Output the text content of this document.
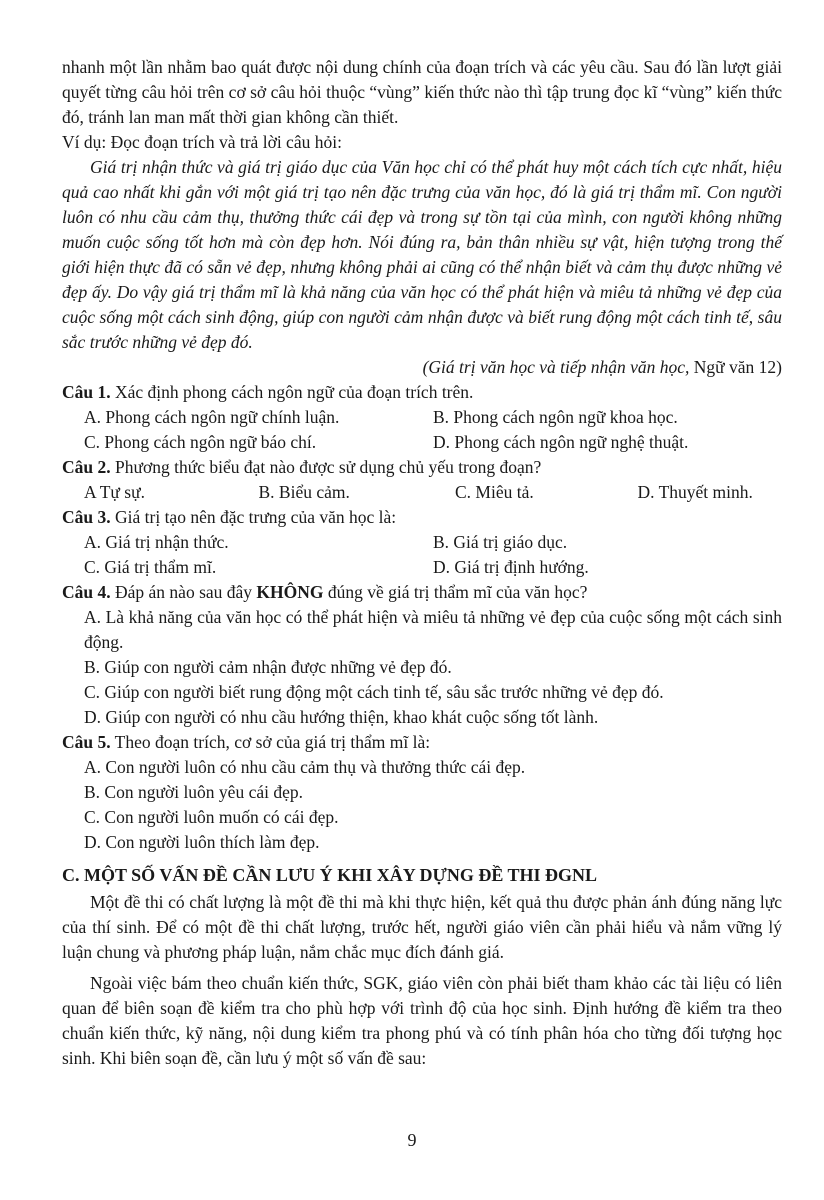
nhanh một lần nhằm bao quát được nội dung chính của đoạn trích và các yêu cầu. Sau đó lần lượt giải quyết từng câu hỏi trên cơ sở câu hỏi thuộc “vùng” kiến thức nào thì tập trung đọc kĩ “vùng” kiến thức đó, tránh lan man mất thời gian không cần thiết.

Ví dụ: Đọc đoạn trích và trả lời câu hỏi:

Giá trị nhận thức và giá trị giáo dục của Văn học chỉ có thể phát huy một cách tích cực nhất, hiệu quả cao nhất khi gắn với một giá trị tạo nên đặc trưng của văn học, đó là giá trị thẩm mĩ. Con người luôn có nhu cầu cảm thụ, thưởng thức cái đẹp và trong sự tồn tại của mình, con người không những muốn cuộc sống tốt hơn mà còn đẹp hơn. Nói đúng ra, bản thân nhiều sự vật, hiện tượng trong thế giới hiện thực đã có sẵn vẻ đẹp, nhưng không phải ai cũng có thể nhận biết và cảm thụ được những vẻ đẹp ấy. Do vậy giá trị thẩm mĩ là khả năng của văn học có thể phát hiện và miêu tả những vẻ đẹp của cuộc sống một cách sinh động, giúp con người cảm nhận được và biết rung động một cách tinh tế, sâu sắc trước những vẻ đẹp đó.

(Giá trị văn học và tiếp nhận văn học, Ngữ văn 12)

Câu 1. Xác định phong cách ngôn ngữ của đoạn trích trên.

A. Phong cách ngôn ngữ chính luận.	B. Phong cách ngôn ngữ khoa học.
C. Phong cách ngôn ngữ báo chí.	D. Phong cách ngôn ngữ nghệ thuật.

Câu 2. Phương thức biểu đạt nào được sử dụng chủ yếu trong đoạn?

A Tự sự.	B. Biểu cảm.	C. Miêu tả.	D. Thuyết minh.

Câu 3. Giá trị tạo nên đặc trưng của văn học là:

A. Giá trị nhận thức.	B. Giá trị giáo dục.
C. Giá trị thẩm mĩ.	D. Giá trị định hướng.

Câu 4. Đáp án nào sau đây KHÔNG đúng về giá trị thẩm mĩ của văn học?

A. Là khả năng của văn học có thể phát hiện và miêu tả những vẻ đẹp của cuộc sống một cách sinh động.

B. Giúp con người cảm nhận được những vẻ đẹp đó.

C. Giúp con người biết rung động một cách tinh tế, sâu sắc trước những vẻ đẹp đó.

D. Giúp con người có nhu cầu hướng thiện, khao khát cuộc sống tốt lành.

Câu 5. Theo đoạn trích, cơ sở của giá trị thẩm mĩ là:

A. Con người luôn có nhu cầu cảm thụ và thưởng thức cái đẹp.

B. Con người luôn yêu cái đẹp.

C. Con người luôn muốn có cái đẹp.

D. Con người luôn thích làm đẹp.

C. MỘT SỐ VẤN ĐỀ CẦN LƯU Ý KHI XÂY DỰNG ĐỀ THI ĐGNL

Một đề thi có chất lượng là một đề thi mà khi thực hiện, kết quả thu được phản ánh đúng năng lực của thí sinh. Để có một đề thi chất lượng, trước hết, người giáo viên cần phải hiểu và nắm vững lý luận chung và phương pháp luận, nắm chắc mục đích đánh giá.

Ngoài việc bám theo chuẩn kiến thức, SGK, giáo viên còn phải biết tham khảo các tài liệu có liên quan để biên soạn đề kiểm tra cho phù hợp với trình độ của học sinh. Định hướng đề kiểm tra theo chuẩn kiến thức, kỹ năng, nội dung kiểm tra phong phú và có tính phân hóa cho từng đối tượng học sinh. Khi biên soạn đề, cần lưu ý một số vấn đề sau:

9
